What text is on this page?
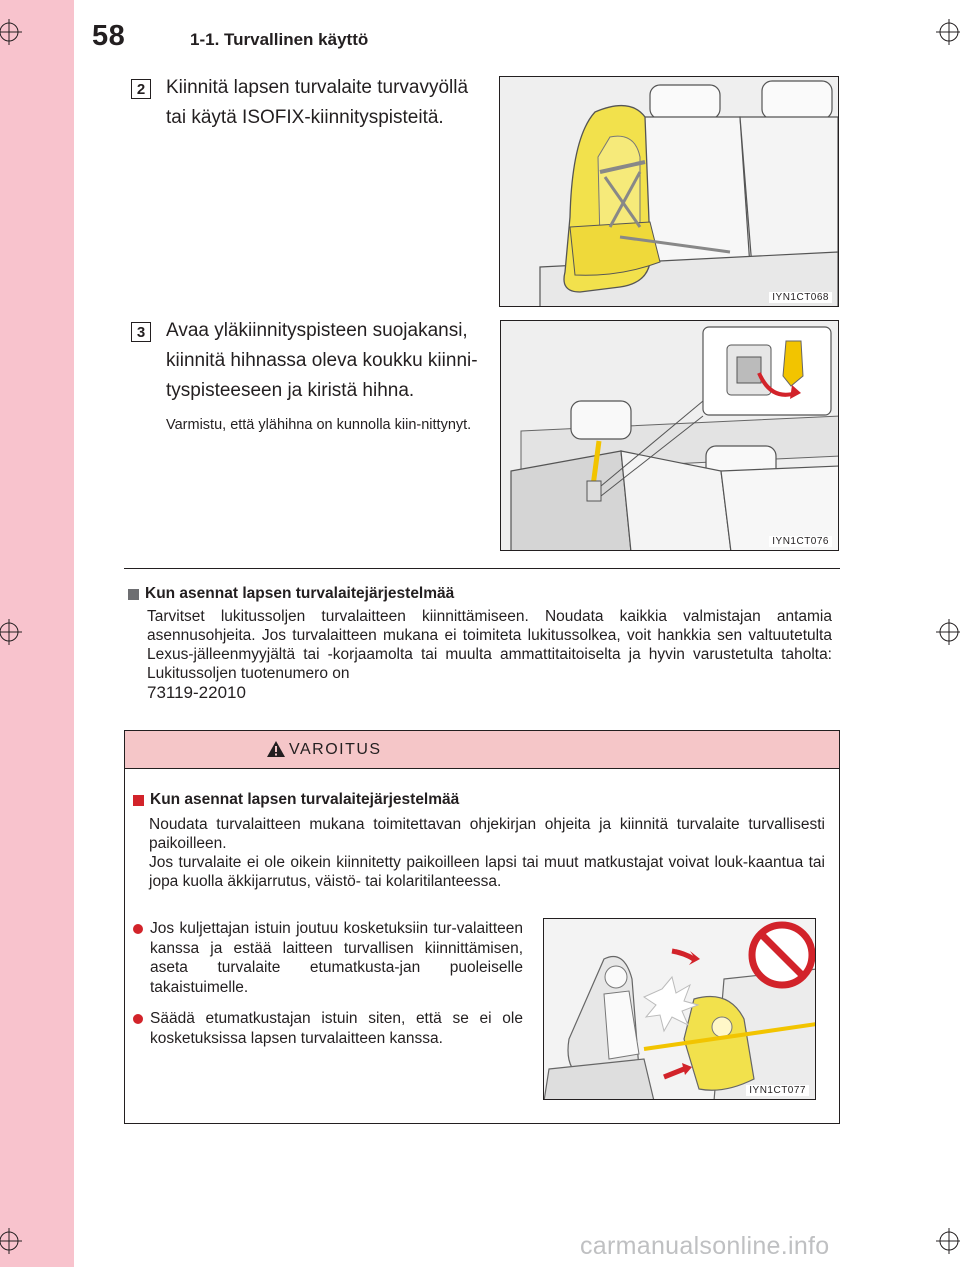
58	1-1. Turvallinen käyttö
2	Kiinnitä lapsen turvalaite turvavyöllä tai käytä ISOFIX-kiinnityspisteitä.
IYN1CT068
3	Avaa yläkiinnityspisteen suojakansi, kiinnitä hihnassa oleva koukku kiinni-tyspisteeseen ja kiristä hihna.
Varmistu, että ylähihna on kunnolla kiin-nittynyt.
IYN1CT076
Kun asennat lapsen turvalaitejärjestelmää
Tarvitset lukitussoljen turvalaitteen kiinnittämiseen. Noudata kaikkia valmistajan antamia asennusohjeita. Jos turvalaitteen mukana ei toimiteta lukitussolkea, voit hankkia sen valtuutetulta Lexus-jälleenmyyjältä tai -korjaamolta tai muulta ammattitaitoiselta ja hyvin varustetulta taholta: Lukitussoljen tuotenumero on
73119-22010
VAROITUS
Kun asennat lapsen turvalaitejärjestelmää
Noudata turvalaitteen mukana toimitettavan ohjekirjan ohjeita ja kiinnitä turvalaite turvallisesti paikoilleen.
Jos turvalaite ei ole oikein kiinnitetty paikoilleen lapsi tai muut matkustajat voivat louk-kaantua tai jopa kuolla äkkijarrutus, väistö- tai kolaritilanteessa.
Jos kuljettajan istuin joutuu kosketuksiin tur-valaitteen kanssa ja estää laitteen turvallisen kiinnittämisen, aseta turvalaite etumatkusta-jan puoleiselle takaistuimelle.
Säädä etumatkustajan istuin siten, että se ei ole kosketuksissa lapsen turvalaitteen kanssa.
IYN1CT077
carmanualsonline.info
